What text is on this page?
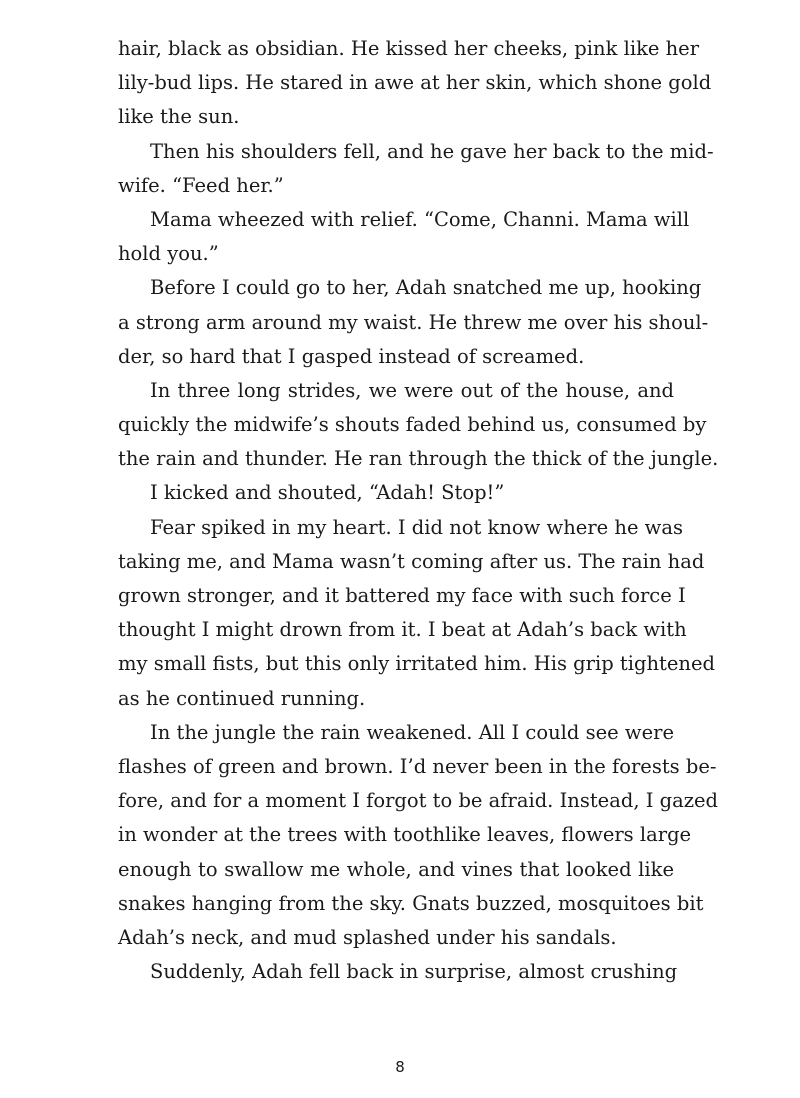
hair, black as obsidian. He kissed her cheeks, pink like her
lily-bud lips. He stared in awe at her skin, which shone gold
like the sun.
Then his shoulders fell, and he gave her back to the mid-
wife. “Feed her.”
Mama wheezed with relief. “Come, Channi. Mama will
hold you.”
Before I could go to her, Adah snatched me up, hooking
a strong arm around my waist. He threw me over his shoul-
der, so hard that I gasped instead of screamed.
In three long strides, we were out of the house, and
quickly the midwife’s shouts faded behind us, consumed by
the rain and thunder. He ran through the thick of the jungle.
I kicked and shouted, “Adah! Stop!”
Fear spiked in my heart. I did not know where he was
taking me, and Mama wasn’t coming after us. The rain had
grown stronger, and it battered my face with such force I
thought I might drown from it. I beat at Adah’s back with
my small fists, but this only irritated him. His grip tightened
as he continued running.
In the jungle the rain weakened. All I could see were
flashes of green and brown. I’d never been in the forests be-
fore, and for a moment I forgot to be afraid. Instead, I gazed
in wonder at the trees with toothlike leaves, flowers large
enough to swallow me whole, and vines that looked like
snakes hanging from the sky. Gnats buzzed, mosquitoes bit
Adah’s neck, and mud splashed under his sandals.
Suddenly, Adah fell back in surprise, almost crushing
8
